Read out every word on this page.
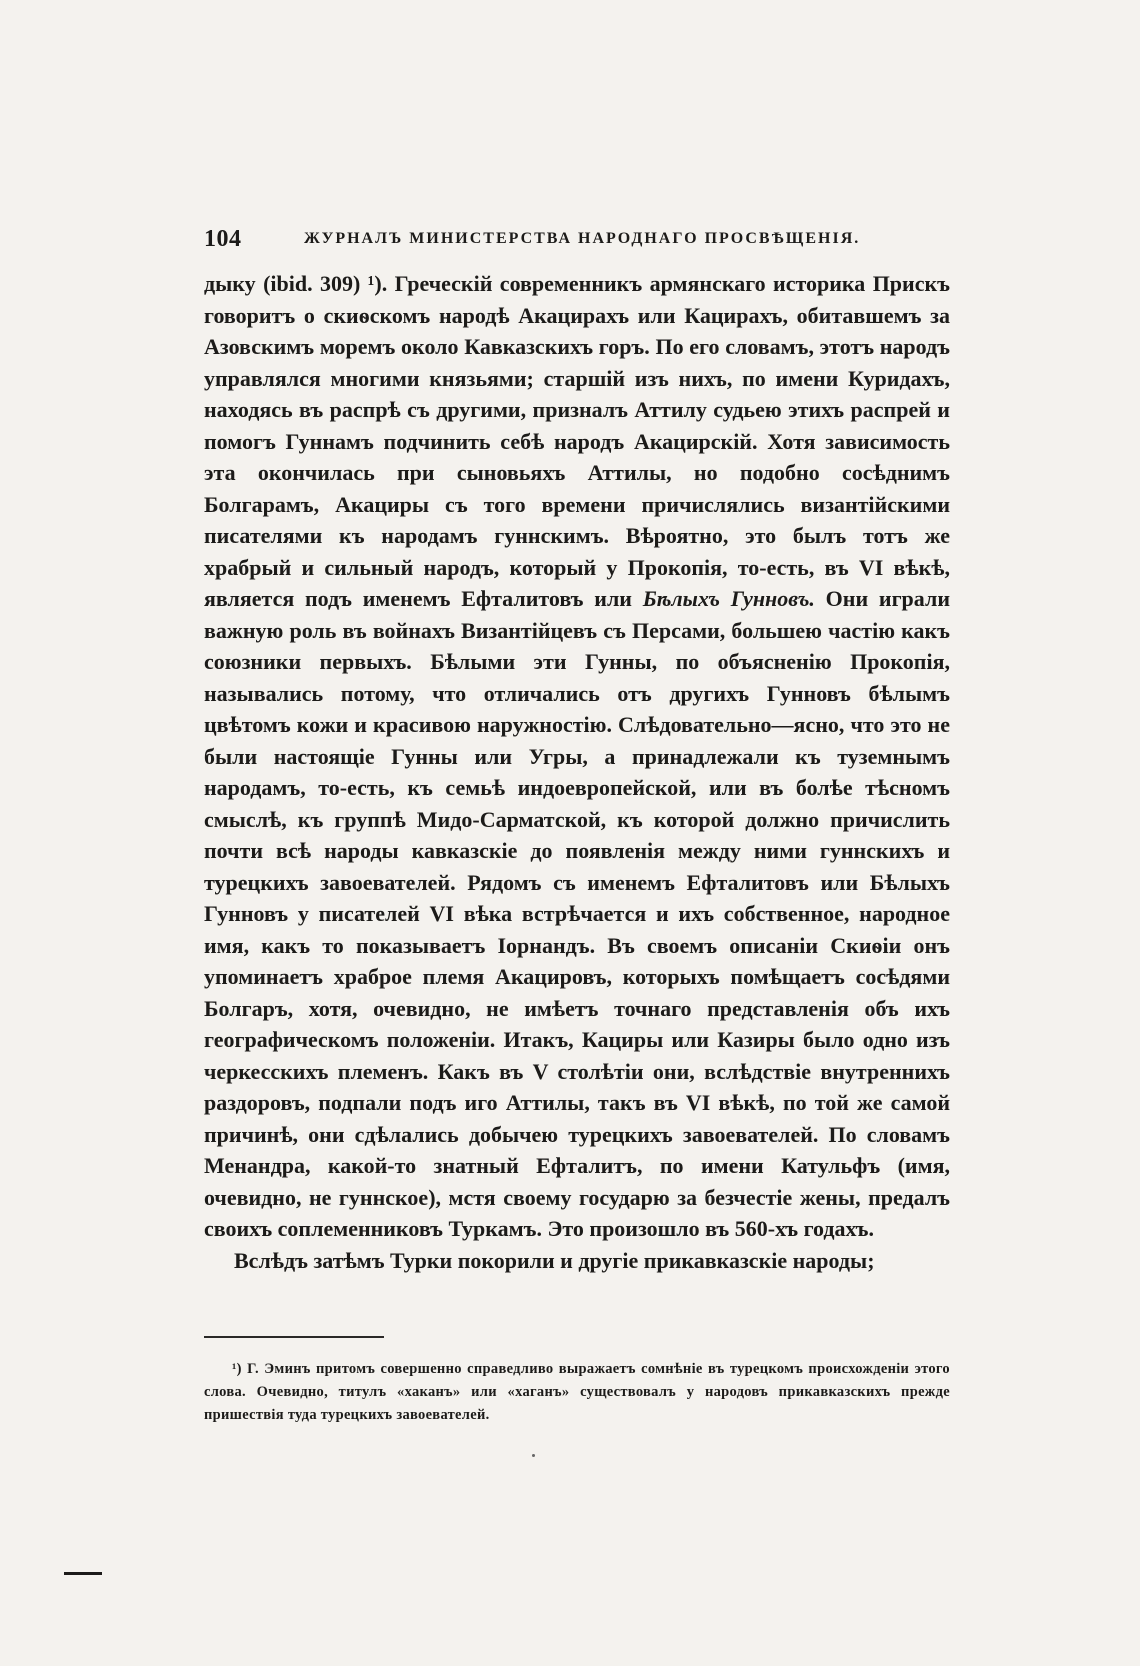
104	ЖУРНАЛЪ МИНИСТЕРСТВА НАРОДНАГО ПРОСВѢЩЕНІЯ.

дыку (ibid. 309) ¹). Греческій современникъ армянскаго историка Прискъ говоритъ о скиѳскомъ народѣ Акацирахъ или Кацирахъ, обитавшемъ за Азовскимъ моремъ около Кавказскихъ горъ. По его словамъ, этотъ народъ управлялся многими князьями; старшій изъ нихъ, по имени Куридахъ, находясь въ распрѣ съ другими, призналъ Аттилу судьею этихъ распрей и помогъ Гуннамъ подчинить себѣ народъ Акацирскій. Хотя зависимость эта окончилась при сыновьяхъ Аттилы, но подобно сосѣднимъ Болгарамъ, Акациры съ того времени причислялись византійскими писателями къ народамъ гуннскимъ. Вѣроятно, это былъ тотъ же храбрый и сильный народъ, который у Прокопія, то-есть, въ VI вѣкѣ, является подъ именемъ Ефталитовъ или Бѣлыхъ Гунновъ. Они играли важную роль въ войнахъ Византійцевъ съ Персами, большею частію какъ союзники первыхъ. Бѣлыми эти Гунны, по объясненію Прокопія, назывались потому, что отличались отъ другихъ Гунновъ бѣлымъ цвѣтомъ кожи и красивою наружностію. Слѣдовательно—ясно, что это не были настоящіе Гунны или Угры, а принадлежали къ туземнымъ народамъ, то-есть, къ семьѣ индоевропейской, или въ болѣе тѣсномъ смыслѣ, къ группѣ Мидо-Сарматской, къ которой должно причислить почти всѣ народы кавказскіе до появленія между ними гуннскихъ и турецкихъ завоевателей. Рядомъ съ именемъ Ефталитовъ или Бѣлыхъ Гунновъ у писателей VI вѣка встрѣчается и ихъ собственное, народное имя, какъ то показываетъ Іорнандъ. Въ своемъ описаніи Скиѳіи онъ упоминаетъ храброе племя Акацировъ, которыхъ помѣщаетъ сосѣдями Болгаръ, хотя, очевидно, не имѣетъ точнаго представленія объ ихъ географическомъ положеніи. Итакъ, Кациры или Казиры было одно изъ черкесскихъ племенъ. Какъ въ V столѣтіи они, вслѣдствіе внутреннихъ раздоровъ, подпали подъ иго Аттилы, такъ въ VI вѣкѣ, по той же самой причинѣ, они сдѣлались добычею турецкихъ завоевателей. По словамъ Менандра, какой-то знатный Ефталитъ, по имени Катульфъ (имя, очевидно, не гуннское), мстя своему государю за безчестіе жены, предалъ своихъ соплеменниковъ Туркамъ. Это произошло въ 560-хъ годахъ.

Вслѣдъ затѣмъ Турки покорили и другіе прикавказскіе народы;

¹) Г. Эминъ притомъ совершенно справедливо выражаетъ сомнѣніе въ турецкомъ происхожденіи этого слова. Очевидно, титулъ «хаканъ» или «хаганъ» существовалъ у народовъ прикавказскихъ прежде пришествія туда турецкихъ завоевателей.
